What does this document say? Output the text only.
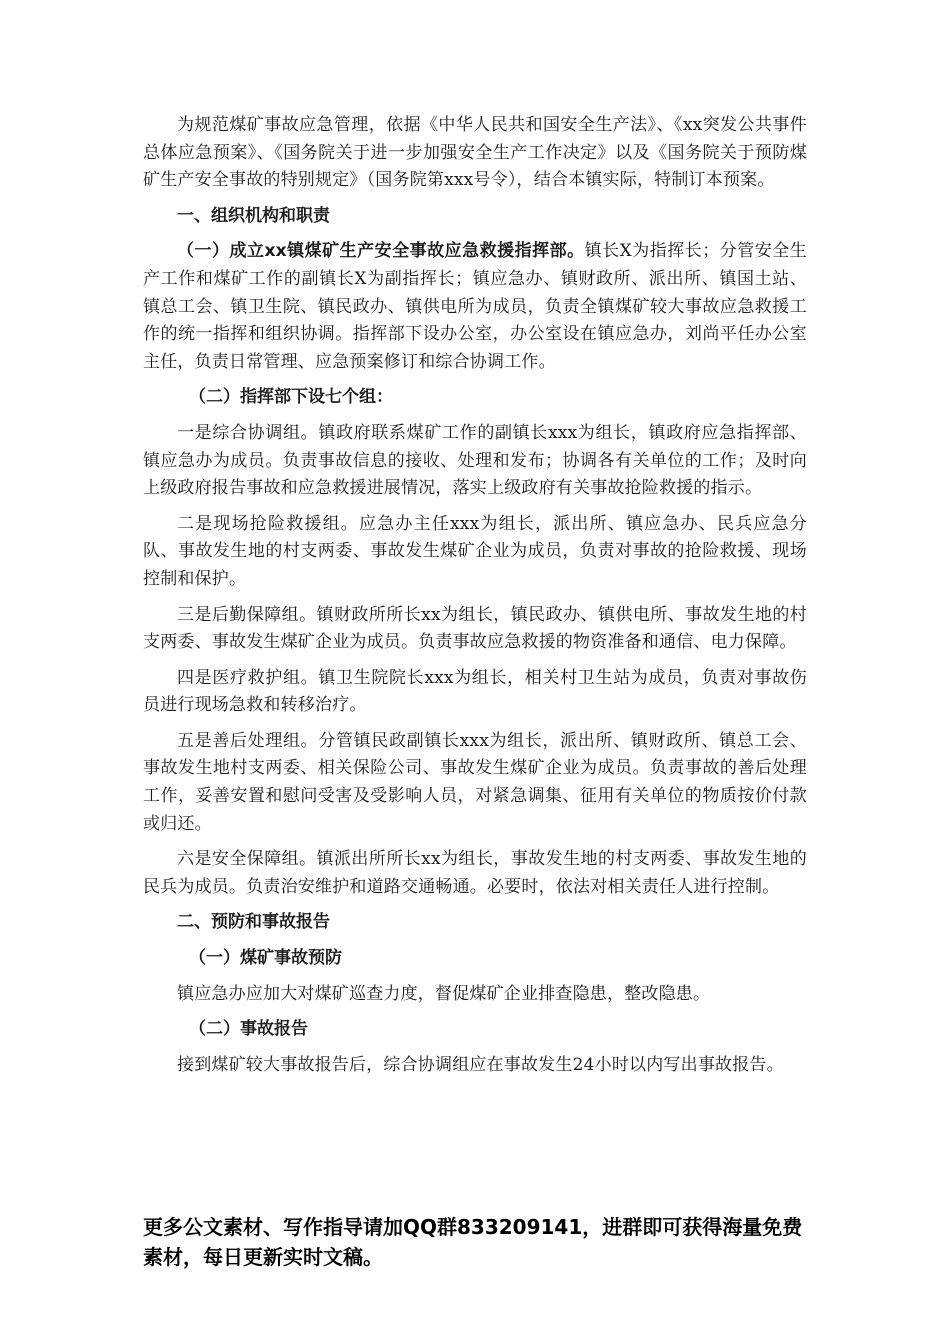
为规范煤矿事故应急管理，依据《中华人民共和国安全生产法》、《xx突发公共事件总体应急预案》、《国务院关于进一步加强安全生产工作决定》以及《国务院关于预防煤矿生产安全事故的特别规定》（国务院第xxx号令），结合本镇实际，特制订本预案。

一、组织机构和职责

（一）成立xx镇煤矿生产安全事故应急救援指挥部。镇长X为指挥长；分管安全生产工作和煤矿工作的副镇长X为副指挥长；镇应急办、镇财政所、派出所、镇国土站、镇总工会、镇卫生院、镇民政办、镇供电所为成员，负责全镇煤矿较大事故应急救援工作的统一指挥和组织协调。指挥部下设办公室，办公室设在镇应急办，刘尚平任办公室主任，负责日常管理、应急预案修订和综合协调工作。

（二）指挥部下设七个组：

一是综合协调组。镇政府联系煤矿工作的副镇长xxx为组长，镇政府应急指挥部、镇应急办为成员。负责事故信息的接收、处理和发布；协调各有关单位的工作；及时向上级政府报告事故和应急救援进展情况，落实上级政府有关事故抢险救援的指示。

二是现场抢险救援组。应急办主任xxx为组长，派出所、镇应急办、民兵应急分队、事故发生地的村支两委、事故发生煤矿企业为成员，负责对事故的抢险救援、现场控制和保护。

三是后勤保障组。镇财政所所长xx为组长，镇民政办、镇供电所、事故发生地的村支两委、事故发生煤矿企业为成员。负责事故应急救援的物资准备和通信、电力保障。

四是医疗救护组。镇卫生院院长xxx为组长，相关村卫生站为成员，负责对事故伤员进行现场急救和转移治疗。

五是善后处理组。分管镇民政副镇长xxx为组长，派出所、镇财政所、镇总工会、事故发生地村支两委、相关保险公司、事故发生煤矿企业为成员。负责事故的善后处理工作，妥善安置和慰问受害及受影响人员，对紧急调集、征用有关单位的物质按价付款或归还。

六是安全保障组。镇派出所所长xx为组长，事故发生地的村支两委、事故发生地的民兵为成员。负责治安维护和道路交通畅通。必要时，依法对相关责任人进行控制。

二、预防和事故报告

（一）煤矿事故预防

镇应急办应加大对煤矿巡查力度，督促煤矿企业排查隐患，整改隐患。

（二）事故报告

接到煤矿较大事故报告后，综合协调组应在事故发生24小时以内写出事故报告。

更多公文素材、写作指导请加QQ群833209141，进群即可获得海量免费素材，每日更新实时文稿。
